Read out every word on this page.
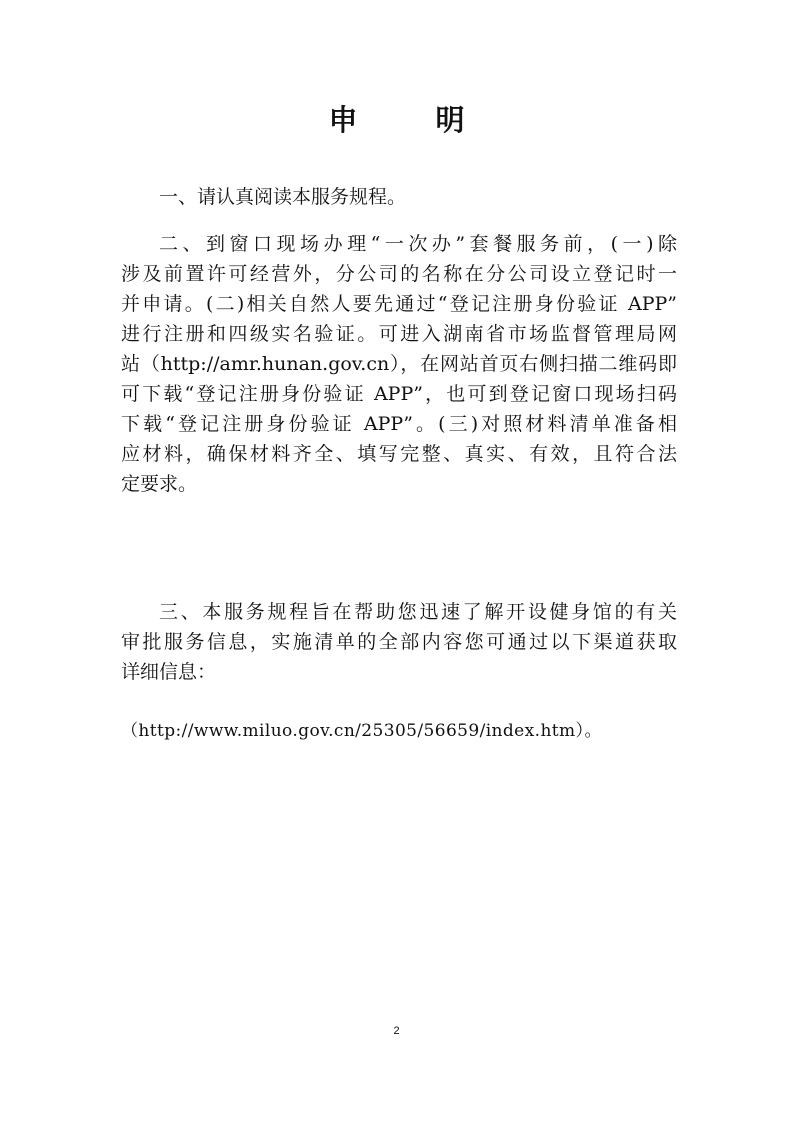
申 明

一、请认真阅读本服务规程。

二、到窗口现场办理“一次办”套餐服务前，(一)除
涉及前置许可经营外，分公司的名称在分公司设立登记时一
并申请。(二)相关自然人要先通过“登记注册身份验证 APP”
进行注册和四级实名验证。可进入湖南省市场监督管理局网
站（http://amr.hunan.gov.cn），在网站首页右侧扫描二维码即
可下载“登记注册身份验证 APP”，也可到登记窗口现场扫码
下载“登记注册身份验证 APP”。(三)对照材料清单准备相
应材料，确保材料齐全、填写完整、真实、有效，且符合法
定要求。

三、本服务规程旨在帮助您迅速了解开设健身馆的有关
审批服务信息，实施清单的全部内容您可通过以下渠道获取
详细信息：

（http://www.miluo.gov.cn/25305/56659/index.htm）。
2
